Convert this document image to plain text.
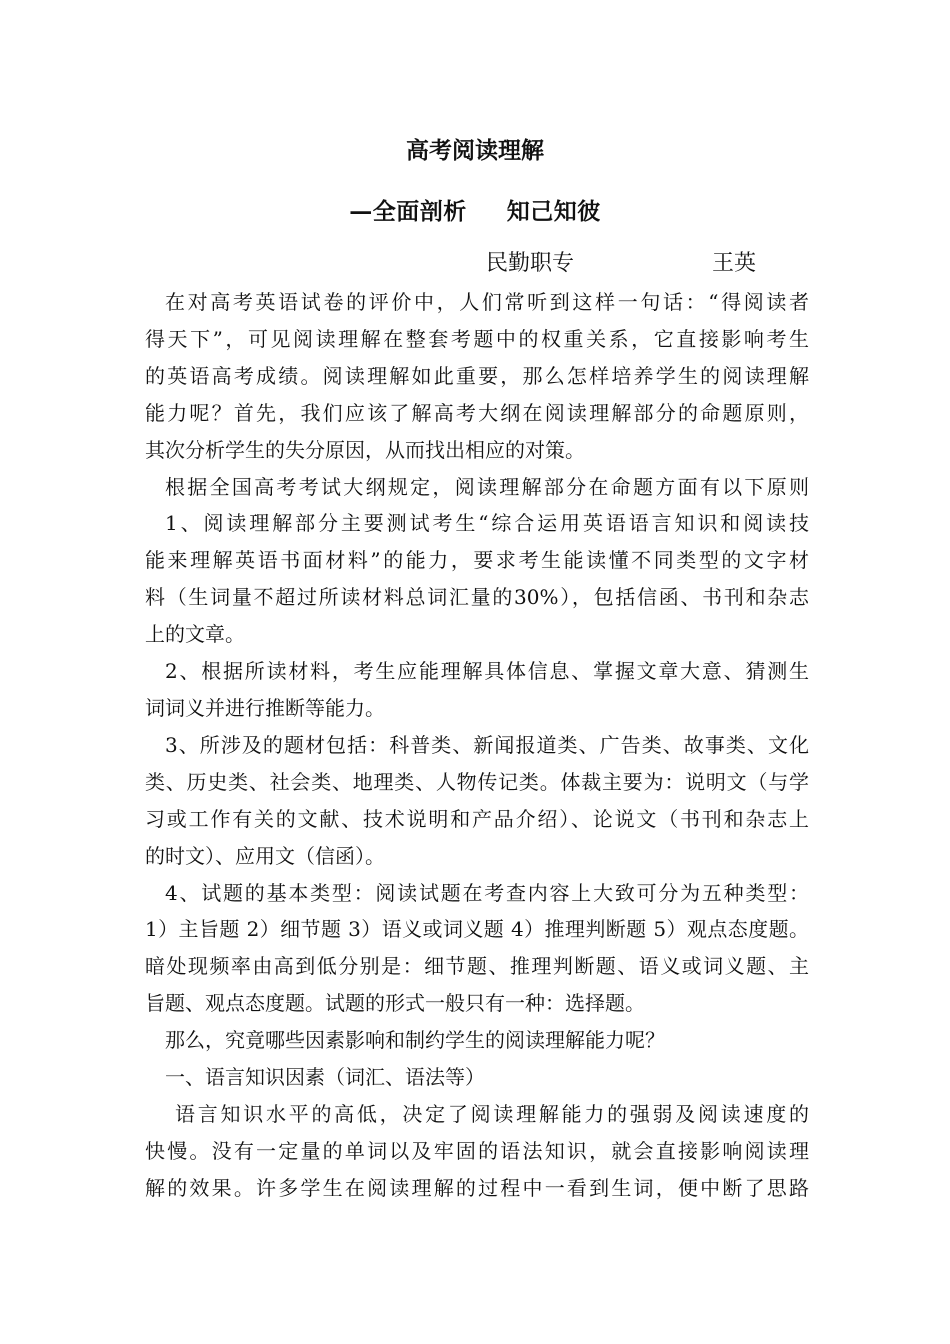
高考阅读理解
—全面剖析 知己知彼
民勤职专	王英

在对高考英语试卷的评价中，人们常听到这样一句话：“得阅读者
得天下”，可见阅读理解在整套考题中的权重关系，它直接影响考生
的英语高考成绩。阅读理解如此重要，那么怎样培养学生的阅读理解
能力呢？首先，我们应该了解高考大纲在阅读理解部分的命题原则，
其次分析学生的失分原因，从而找出相应的对策。

根据全国高考考试大纲规定，阅读理解部分在命题方面有以下原则

1、阅读理解部分主要测试考生“综合运用英语语言知识和阅读技
能来理解英语书面材料”的能力，要求考生能读懂不同类型的文字材
料（生词量不超过所读材料总词汇量的30%），包括信函、书刊和杂志
上的文章。

2、根据所读材料，考生应能理解具体信息、掌握文章大意、猜测生
词词义并进行推断等能力。

3、所涉及的题材包括：科普类、新闻报道类、广告类、故事类、文化
类、历史类、社会类、地理类、人物传记类。体裁主要为：说明文（与学
习或工作有关的文献、技术说明和产品介绍）、论说文（书刊和杂志上
的时文）、应用文（信函）。

4、试题的基本类型：阅读试题在考查内容上大致可分为五种类型：
1）主旨题 2）细节题 3）语义或词义题 4）推理判断题 5）观点态度题。
暗处现频率由高到低分别是：细节题、推理判断题、语义或词义题、主
旨题、观点态度题。试题的形式一般只有一种：选择题。

那么，究竟哪些因素影响和制约学生的阅读理解能力呢？

一、语言知识因素（词汇、语法等）

语言知识水平的高低，决定了阅读理解能力的强弱及阅读速度的
快慢。没有一定量的单词以及牢固的语法知识，就会直接影响阅读理
解的效果。许多学生在阅读理解的过程中一看到生词，便中断了思路
